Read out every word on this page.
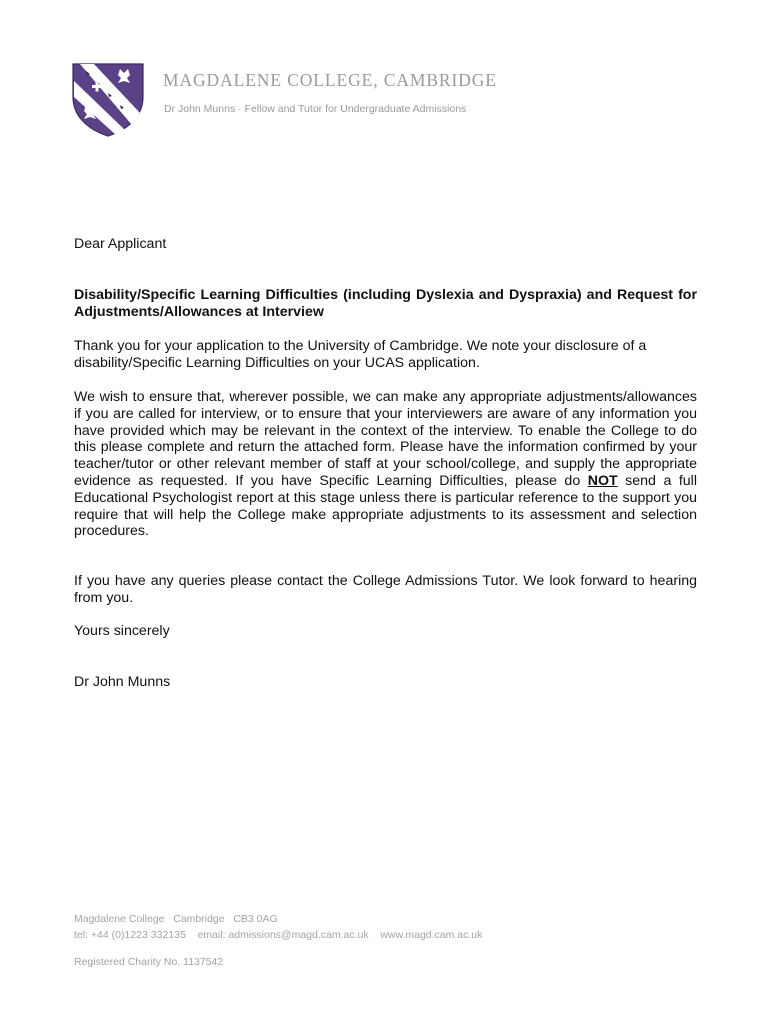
MAGDALENE COLLEGE, CAMBRIDGE
Dr John Munns · Fellow and Tutor for Undergraduate Admissions
Dear Applicant
Disability/Specific Learning Difficulties (including Dyslexia and Dyspraxia) and Request for Adjustments/Allowances at Interview
Thank you for your application to the University of Cambridge. We note your disclosure of a disability/Specific Learning Difficulties on your UCAS application.
We wish to ensure that, wherever possible, we can make any appropriate adjustments/allowances if you are called for interview, or to ensure that your interviewers are aware of any information you have provided which may be relevant in the context of the interview. To enable the College to do this please complete and return the attached form. Please have the information confirmed by your teacher/tutor or other relevant member of staff at your school/college, and supply the appropriate evidence as requested. If you have Specific Learning Difficulties, please do NOT send a full Educational Psychologist report at this stage unless there is particular reference to the support you require that will help the College make appropriate adjustments to its assessment and selection procedures.
If you have any queries please contact the College Admissions Tutor. We look forward to hearing from you.
Yours sincerely
Dr John Munns
Magdalene College   Cambridge   CB3 0AG
tel: +44 (0)1223 332135    email: admissions@magd.cam.ac.uk    www.magd.cam.ac.uk
Registered Charity No. 1137542
